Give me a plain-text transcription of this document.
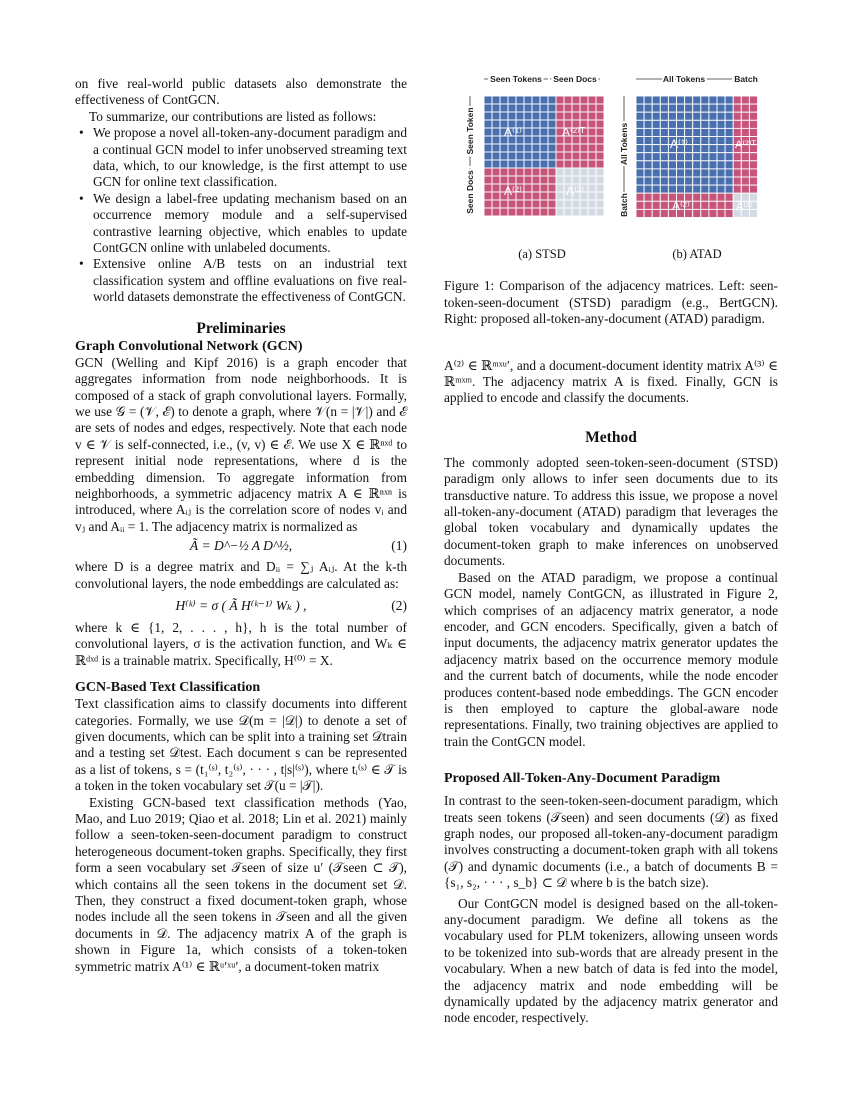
on five real-world public datasets also demonstrate the effectiveness of ContGCN.

To summarize, our contributions are listed as follows:

• We propose a novel all-token-any-document paradigm and a continual GCN model to infer unobserved streaming text data, which, to our knowledge, is the first attempt to use GCN for online text classification.
• We design a label-free updating mechanism based on an occurrence memory module and a self-supervised contrastive learning objective, which enables to update ContGCN online with unlabeled documents.
• Extensive online A/B tests on an industrial text classification system and offline evaluations on five real-world datasets demonstrate the effectiveness of ContGCN.
Preliminaries
Graph Convolutional Network (GCN)

GCN (Welling and Kipf 2016) is a graph encoder that aggregates information from node neighborhoods. It is composed of a stack of graph convolutional layers. Formally, we use 𝒢 = (𝒱, ℰ) to denote a graph, where 𝒱(n = |𝒱|) and ℰ are sets of nodes and edges, respectively. Note that each node v ∈ 𝒱 is self-connected, i.e., (v, v) ∈ ℰ. We use X ∈ ℝⁿˣᵈ to represent initial node representations, where d is the embedding dimension. To aggregate information from neighborhoods, a symmetric adjacency matrix A ∈ ℝⁿˣⁿ is introduced, where Aᵢⱼ is the correlation score of nodes vᵢ and vⱼ and Aᵢᵢ = 1. The adjacency matrix is normalized as

Ã = D^−½ A D^½,	(1)

where D is a degree matrix and Dᵢᵢ = ∑ⱼ Aᵢⱼ. At the k-th convolutional layers, the node embeddings are calculated as:

H⁽ᵏ⁾ = σ ( Ã H⁽ᵏ⁻¹⁾ Wₖ ) ,	(2)

where k ∈ {1, 2, . . . , h}, h is the total number of convolutional layers, σ is the activation function, and Wₖ ∈ ℝᵈˣᵈ is a trainable matrix. Specifically, H⁽⁰⁾ = X.

GCN-Based Text Classification

Text classification aims to classify documents into different categories. Formally, we use 𝒟(m = |𝒟|) to denote a set of given documents, which can be split into a training set 𝒟train and a testing set 𝒟test. Each document s can be represented as a list of tokens, s = (t₁⁽ˢ⁾, t₂⁽ˢ⁾, · · · , t|s|⁽ˢ⁾), where tᵢ⁽ˢ⁾ ∈ 𝒯 is a token in the token vocabulary set 𝒯(u = |𝒯|).

Existing GCN-based text classification methods (Yao, Mao, and Luo 2019; Qiao et al. 2018; Lin et al. 2021) mainly follow a seen-token-seen-document paradigm to construct heterogeneous document-token graphs. Specifically, they first form a seen vocabulary set 𝒯seen of size u′ (𝒯seen ⊂ 𝒯), which contains all the seen tokens in the document set 𝒟. Then, they construct a fixed document-token graph, whose nodes include all the seen tokens in 𝒯seen and all the given documents in 𝒟. The adjacency matrix A of the graph is shown in Figure 1a, which consists of a token-token symmetric matrix A⁽¹⁾ ∈ ℝᵘ′ˣᵘ′, a document-token matrix

Seen Tokens Seen Docs
Seen Token
Seen Docs
A⁽¹⁾	A⁽²⁾ᵀ
A⁽²⁾	A⁽³⁾
All Tokens	Batch
All Tokens
Batch
A⁽¹⁾	A⁽²⁾ᵀ
A⁽²⁾	A⁽³⁾
(a) STSD	(b) ATAD

Figure 1: Comparison of the adjacency matrices. Left: seen-token-seen-document (STSD) paradigm (e.g., BertGCN). Right: proposed all-token-any-document (ATAD) paradigm.

A⁽²⁾ ∈ ℝᵐˣᵘ′, and a document-document identity matrix A⁽³⁾ ∈ ℝᵐˣᵐ. The adjacency matrix A is fixed. Finally, GCN is applied to encode and classify the documents.

Method

The commonly adopted seen-token-seen-document (STSD) paradigm only allows to infer seen documents due to its transductive nature. To address this issue, we propose a novel all-token-any-document (ATAD) paradigm that leverages the global token vocabulary and dynamically updates the document-token graph to make inferences on unobserved documents.

Based on the ATAD paradigm, we propose a continual GCN model, namely ContGCN, as illustrated in Figure 2, which comprises of an adjacency matrix generator, a node encoder, and GCN encoders. Specifically, given a batch of input documents, the adjacency matrix generator updates the adjacency matrix based on the occurrence memory module and the current batch of documents, while the node encoder produces content-based node embeddings. The GCN encoder is then employed to capture the global-aware node representations. Finally, two training objectives are applied to train the ContGCN model.

Proposed All-Token-Any-Document Paradigm

In contrast to the seen-token-seen-document paradigm, which treats seen tokens (𝒯seen) and seen documents (𝒟) as fixed graph nodes, our proposed all-token-any-document paradigm involves constructing a document-token graph with all tokens (𝒯) and dynamic documents (i.e., a batch of documents B = {s₁, s₂, · · · , s_b} ⊂ 𝒟 where b is the batch size).

Our ContGCN model is designed based on the all-token-any-document paradigm. We define all tokens as the vocabulary used for PLM tokenizers, allowing unseen words to be tokenized into sub-words that are already present in the vocabulary. When a new batch of data is fed into the model, the adjacency matrix and node embedding will be dynamically updated by the adjacency matrix generator and node encoder, respectively.
